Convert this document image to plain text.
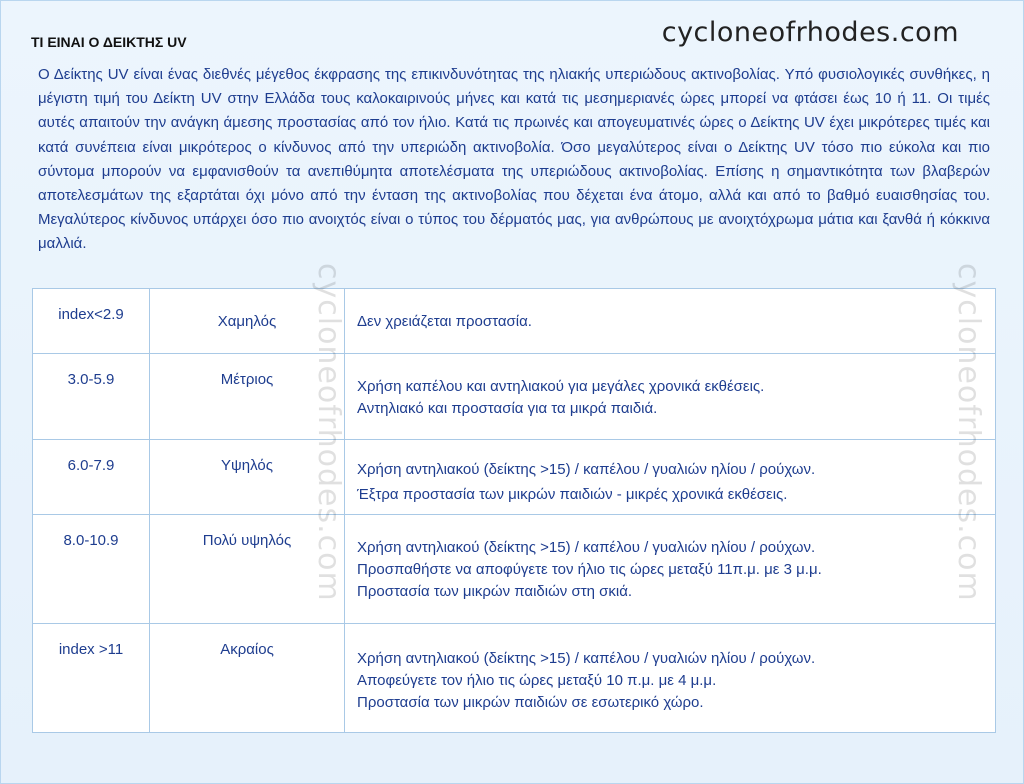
cycloneofrhodes.com
ΤΙ ΕΙΝΑΙ Ο ΔΕΙΚΤΗΣ UV
Ο Δείκτης UV είναι ένας διεθνές μέγεθος έκφρασης της επικινδυνότητας της ηλιακής υπεριώδους ακτινοβολίας. Υπό φυσιολογικές συνθήκες, η μέγιστη τιμή του Δείκτη UV στην Ελλάδα τους καλοκαιρινούς μήνες και κατά τις μεσημεριανές ώρες μπορεί να φτάσει έως 10 ή 11. Οι τιμές αυτές απαιτούν την ανάγκη άμεσης προστασίας από τον ήλιο. Κατά τις πρωινές και απογευματινές ώρες ο Δείκτης UV έχει μικρότερες τιμές και κατά συνέπεια είναι μικρότερος ο κίνδυνος από την υπεριώδη ακτινοβολία. Όσο μεγαλύτερος είναι ο Δείκτης UV τόσο πιο εύκολα και πιο σύντομα μπορούν να εμφανισθούν τα ανεπιθύμητα αποτελέσματα της υπεριώδους ακτινοβολίας. Επίσης η σημαντικότητα των βλαβερών αποτελεσμάτων της εξαρτάται όχι μόνο από την ένταση της ακτινοβολίας που δέχεται ένα άτομο, αλλά και από το βαθμό ευαισθησίας του. Μεγαλύτερος κίνδυνος υπάρχει όσο πιο ανοιχτός είναι ο τύπος του δέρματός μας, για ανθρώπους με ανοιχτόχρωμα μάτια και ξανθά ή κόκκινα μαλλιά.
index<2.9	Χαμηλός	Δεν χρειάζεται προστασία.

3.0-5.9	Μέτριος	Χρήση καπέλου και αντηλιακού για μεγάλες χρονικά εκθέσεις.
Αντηλιακό και προστασία για τα μικρά παιδιά.

6.0-7.9	Υψηλός	Χρήση αντηλιακού (δείκτης >15) / καπέλου / γυαλιών ηλίου / ρούχων.
Έξτρα προστασία των μικρών παιδιών - μικρές χρονικά εκθέσεις.

8.0-10.9	Πολύ υψηλός	Χρήση αντηλιακού (δείκτης >15) / καπέλου / γυαλιών ηλίου / ρούχων.
Προσπαθήστε να αποφύγετε τον ήλιο τις ώρες μεταξύ 11π.μ. με 3 μ.μ.
Προστασία των μικρών παιδιών στη σκιά.

index >11	Ακραίος	Χρήση αντηλιακού (δείκτης >15) / καπέλου / γυαλιών ηλίου / ρούχων.
Αποφεύγετε τον ήλιο τις ώρες μεταξύ 10 π.μ. με 4 μ.μ.
Προστασία των μικρών παιδιών σε εσωτερικό χώρο.
cycloneofrhodes.com	cycloneofrhodes.com
